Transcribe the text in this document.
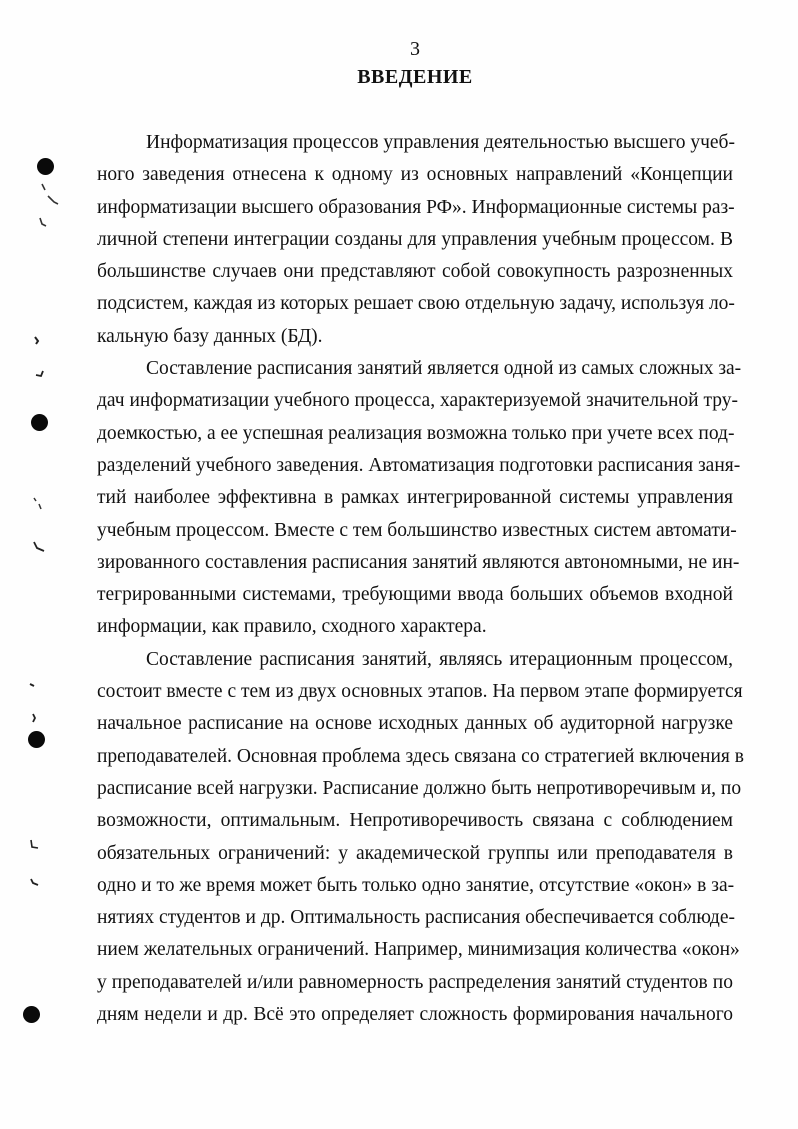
3
ВВЕДЕНИЕ

Информатизация процессов управления деятельностью высшего учеб-
ного заведения отнесена к одному из основных направлений «Концепции
информатизации высшего образования РФ». Информационные системы раз-
личной степени интеграции созданы для управления учебным процессом. В
большинстве случаев они представляют собой совокупность разрозненных
подсистем, каждая из которых решает свою отдельную задачу, используя ло-
кальную базу данных (БД).

Составление расписания занятий является одной из самых сложных за-
дач информатизации учебного процесса, характеризуемой значительной тру-
доемкостью, а ее успешная реализация возможна только при учете всех под-
разделений учебного заведения. Автоматизация подготовки расписания заня-
тий наиболее эффективна в рамках интегрированной системы управления
учебным процессом. Вместе с тем большинство известных систем автомати-
зированного составления расписания занятий являются автономными, не ин-
тегрированными системами, требующими ввода больших объемов входной
информации, как правило, сходного характера.

Составление расписания занятий, являясь итерационным процессом,
состоит вместе с тем из двух основных этапов. На первом этапе формируется
начальное расписание на основе исходных данных об аудиторной нагрузке
преподавателей. Основная проблема здесь связана со стратегией включения в
расписание всей нагрузки. Расписание должно быть непротиворечивым и, по
возможности, оптимальным. Непротиворечивость связана с соблюдением
обязательных ограничений: у академической группы или преподавателя в
одно и то же время может быть только одно занятие, отсутствие «окон» в за-
нятиях студентов и др. Оптимальность расписания обеспечивается соблюде-
нием желательных ограничений. Например, минимизация количества «окон»
у преподавателей и/или равномерность распределения занятий студентов по
дням недели и др. Всё это определяет сложность формирования начального
